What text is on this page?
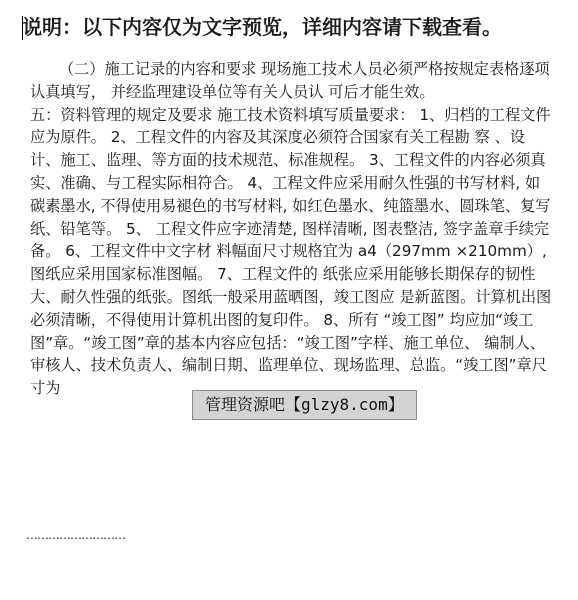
说明：以下内容仅为文字预览，详细内容请下载查看。

（二）施工记录的内容和要求 现场施工技术人员必须严格按规定表格逐项认真填写， 并经监理建设单位等有关人员认 可后才能生效。

五：资料管理的规定及要求 施工技术资料填写质量要求： 1、归档的工程文件应为原件。 2、工程文件的内容及其深度必须符合国家有关工程勘 察 、设计、施工、监理、等方面的技术规范、标准规程。 3、工程文件的内容必须真 实、准确、与工程实际相符合。 4、工程文件应采用耐久性强的书写材料, 如碳素墨水, 不得使用易褪色的书写材料, 如红色墨水、纯篮墨水、圆珠笔、复写纸、铅笔等。 5、 工程文件应字迹清楚, 图样清晰, 图表整洁, 签字盖章手续完备。 6、工程文件中文字材 料幅面尺寸规格宜为 a4（297mm ×210mm）, 图纸应采用国家标准图幅。 7、工程文件的 纸张应采用能够长期保存的韧性大、耐久性强的纸张。图纸一般采用蓝晒图，竣工图应 是新蓝图。计算机出图必须清晰，不得使用计算机出图的复印件。 8、所有 “竣工图” 均应加“竣工图”章。“竣工图”章的基本内容应包括：“竣工图”字样、施工单位、 编制人、审核人、技术负责人、编制日期、监理单位、现场监理、总监。“竣工图”章尺寸为

管理资源吧【glzy8.com】
………………………
